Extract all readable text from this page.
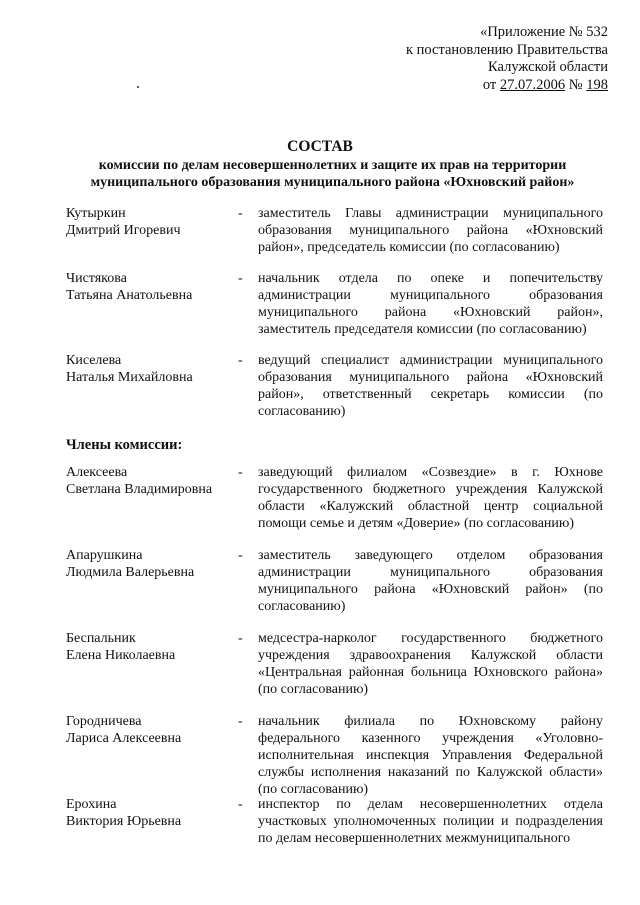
«Приложение № 532
к постановлению Правительства
Калужской области
от 27.07.2006 № 198
СОСТАВ
комиссии по делам несовершеннолетних и защите их прав на территории муниципального образования муниципального района «Юхновский район»
Кутыркин
Дмитрий Игоревич
- заместитель Главы администрации муниципального образования муниципального района «Юхновский район», председатель комиссии (по согласованию)
Чистякова
Татьяна Анатольевна
- начальник отдела по опеке и попечительству администрации муниципального образования муниципального района «Юхновский район», заместитель председателя комиссии (по согласованию)
Киселева
Наталья Михайловна
- ведущий специалист администрации муниципального образования муниципального района «Юхновский район», ответственный секретарь комиссии (по согласованию)
Члены комиссии:
Алексеева
Светлана Владимировна
- заведующий филиалом «Созвездие» в г. Юхнове государственного бюджетного учреждения Калужской области «Калужский областной центр социальной помощи семье и детям «Доверие» (по согласованию)
Апарушкина
Людмила Валерьевна
- заместитель заведующего отделом образования администрации муниципального образования муниципального района «Юхновский район» (по согласованию)
Беспальник
Елена Николаевна
- медсестра-нарколог государственного бюджетного учреждения здравоохранения Калужской области «Центральная районная больница Юхновского района» (по согласованию)
Городничева
Лариса Алексеевна
- начальник филиала по Юхновскому району федерального казенного учреждения «Уголовно-исполнительная инспекция Управления Федеральной службы исполнения наказаний по Калужской области» (по согласованию)
Ерохина
Виктория Юрьевна
- инспектор по делам несовершеннолетних отдела участковых уполномоченных полиции и подразделения по делам несовершеннолетних межмуниципального
